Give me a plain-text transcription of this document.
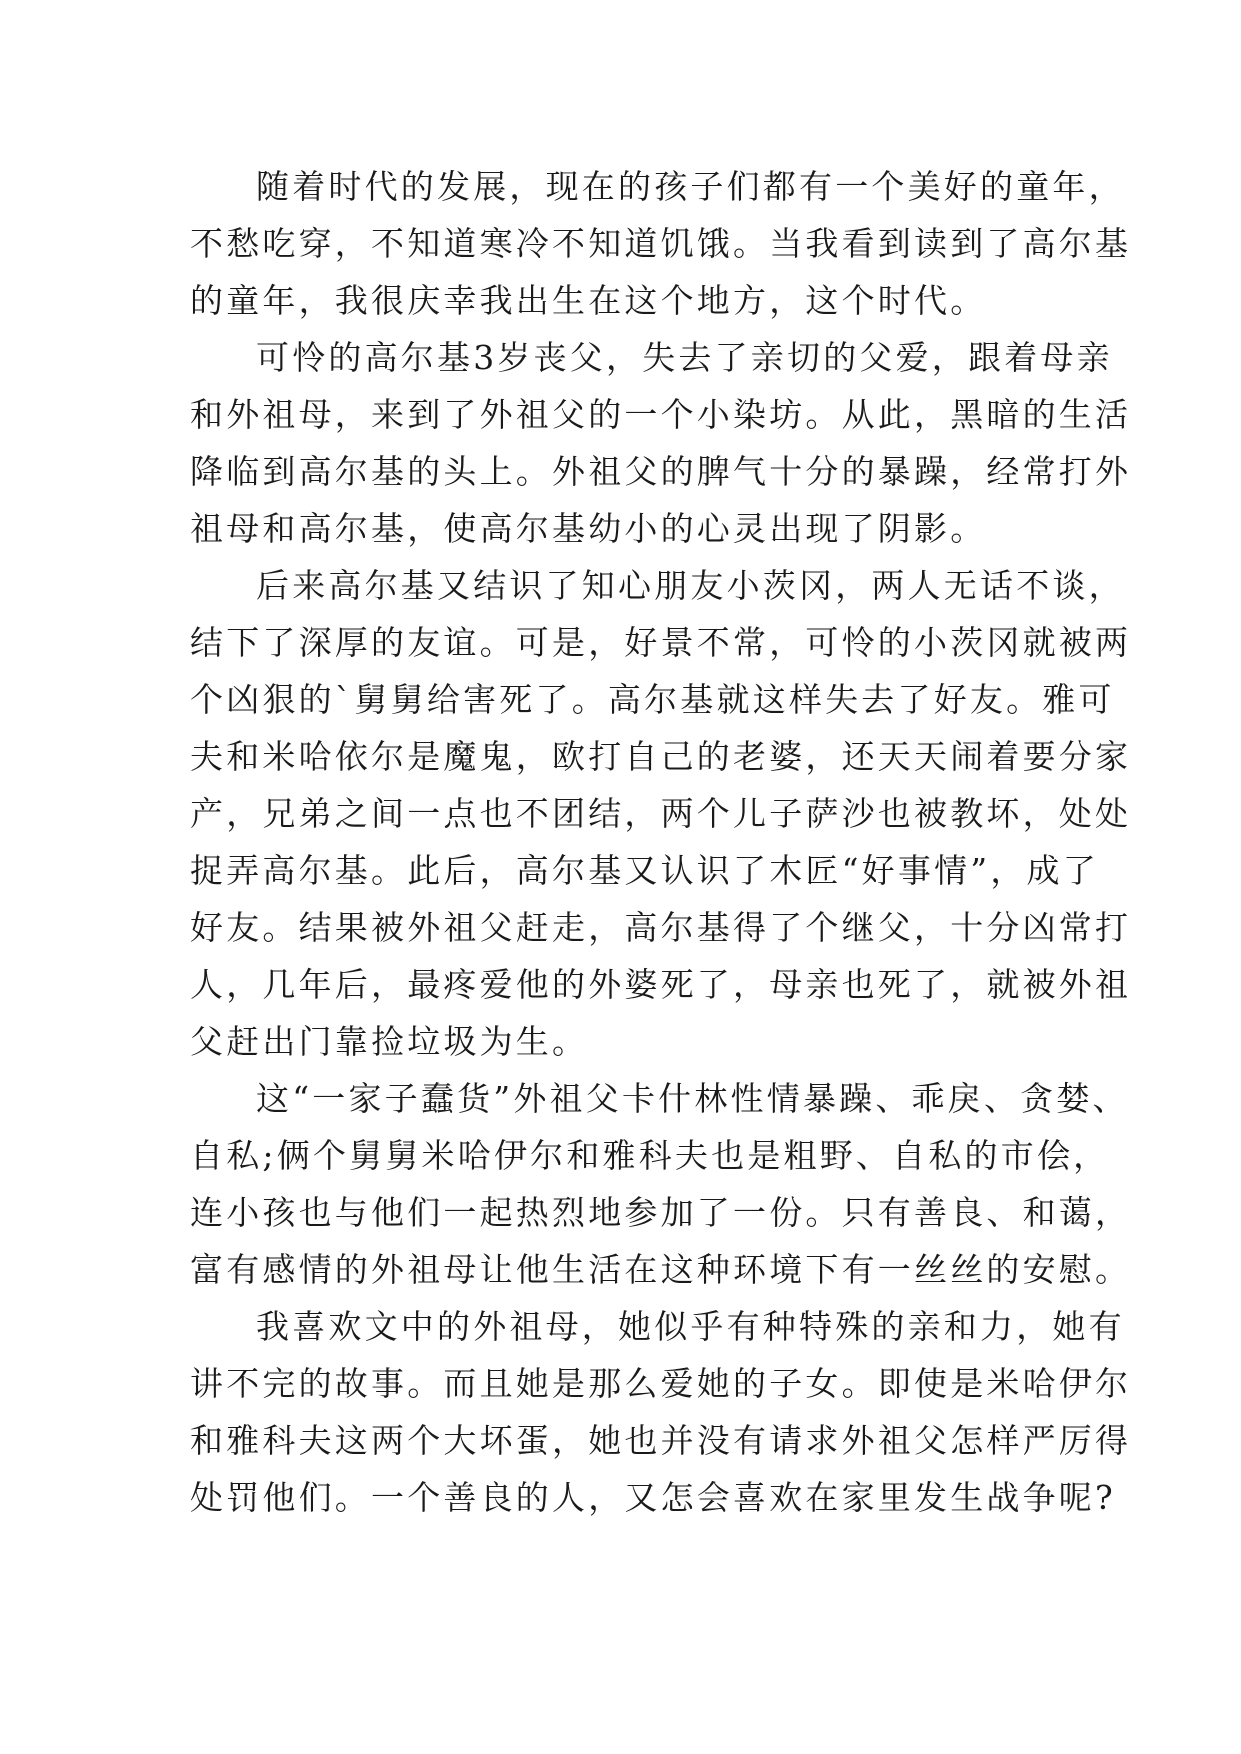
随着时代的发展，现在的孩子们都有一个美好的童年，
不愁吃穿，不知道寒冷不知道饥饿。当我看到读到了高尔基
的童年，我很庆幸我出生在这个地方，这个时代。
可怜的高尔基3岁丧父，失去了亲切的父爱，跟着母亲
和外祖母，来到了外祖父的一个小染坊。从此，黑暗的生活
降临到高尔基的头上。外祖父的脾气十分的暴躁，经常打外
祖母和高尔基，使高尔基幼小的心灵出现了阴影。
后来高尔基又结识了知心朋友小茨冈，两人无话不谈，
结下了深厚的友谊。可是，好景不常，可怜的小茨冈就被两
个凶狠的`舅舅给害死了。高尔基就这样失去了好友。雅可
夫和米哈依尔是魔鬼，欧打自己的老婆，还天天闹着要分家
产，兄弟之间一点也不团结，两个儿子萨沙也被教坏，处处
捉弄高尔基。此后，高尔基又认识了木匠“好事情”，成了
好友。结果被外祖父赶走，高尔基得了个继父，十分凶常打
人，几年后，最疼爱他的外婆死了，母亲也死了，就被外祖
父赶出门靠捡垃圾为生。
这“一家子蠢货”外祖父卡什林性情暴躁、乖戾、贪婪、
自私;俩个舅舅米哈伊尔和雅科夫也是粗野、自私的市侩，
连小孩也与他们一起热烈地参加了一份。只有善良、和蔼，
富有感情的外祖母让他生活在这种环境下有一丝丝的安慰。
我喜欢文中的外祖母，她似乎有种特殊的亲和力，她有
讲不完的故事。而且她是那么爱她的子女。即使是米哈伊尔
和雅科夫这两个大坏蛋，她也并没有请求外祖父怎样严厉得
处罚他们。一个善良的人，又怎会喜欢在家里发生战争呢?
